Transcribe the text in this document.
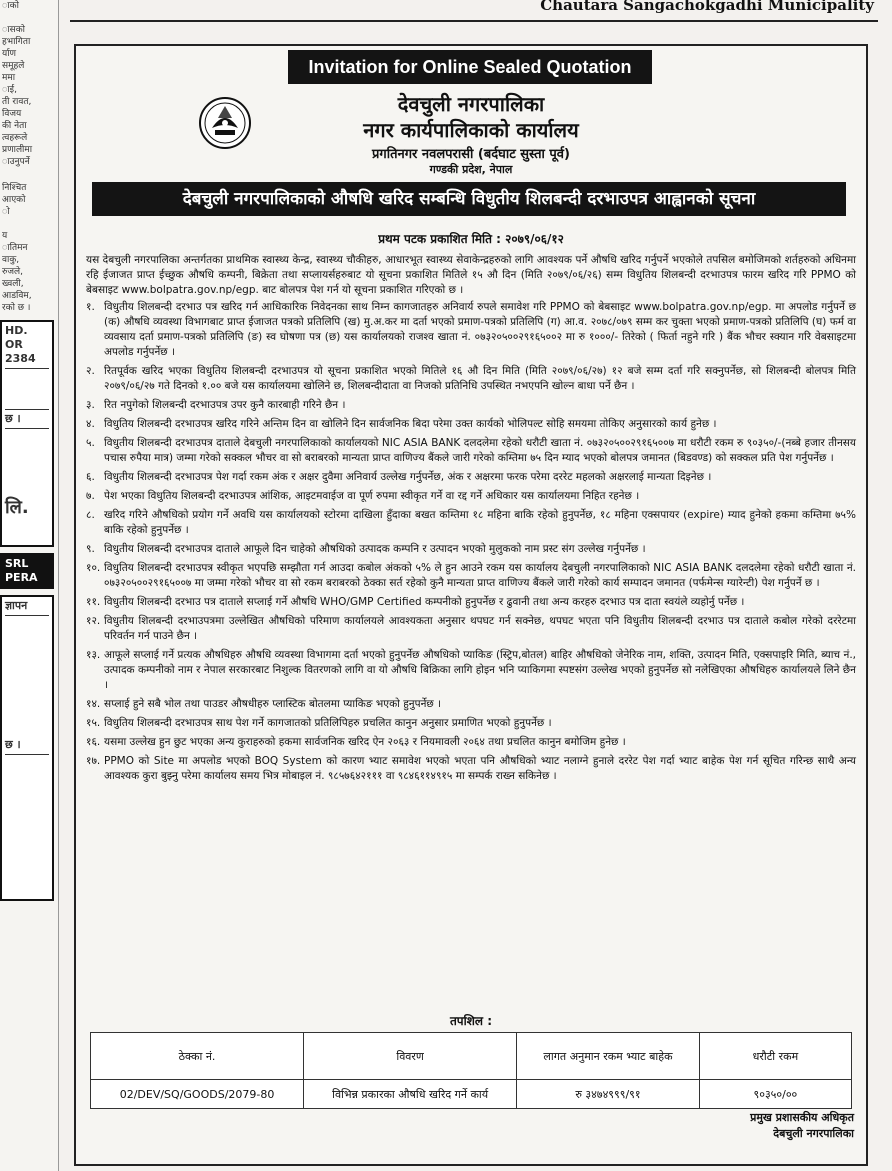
ाको
ासको
हभागिता
र्याण
समूहले
ममा
ाई,
ती रावत,
विजय
की नेता
त्वहरूले
प्रणालीमा
ाउनुपर्ने
निश्चित
आएको
ो
य
ातिमन
वाकु,
रुजले,
ख्वली,
आडविम,
रको छ ।
HD.
OR
2384
छ ।
लि.
SRL
PERA
ज्ञापन
छ ।
Chautara Sangachokgadhi Municipality
Invitation for Online Sealed Quotation
देवचुली नगरपालिका
नगर कार्यपालिकाको कार्यालय
प्रगतिनगर नवलपरासी (बर्दघाट सुस्ता पूर्व)
गण्डकी प्रदेश, नेपाल
देबचुली नगरपालिकाको औषधि खरिद सम्बन्धि विधुतीय शिलबन्दी दरभाउपत्र आह्वानको सूचना
प्रथम पटक प्रकाशित मिति : २०७९/०६/१२

यस देबचुली नगरपालिका अन्तर्गतका प्राथमिक स्वास्थ्य केन्द्र, स्वास्थ्य चौकीहरु, आधारभूत स्वास्थ्य सेवाकेन्द्रहरुको लागि आवश्यक पर्ने औषधि खरिद गर्नुपर्ने भएकोले तपसिल बमोजिमको शर्तहरुको अधिनमा रहि ईजाजत प्राप्त ईच्छुक औषधि कम्पनी, बिक्रेता तथा सप्लायर्सहरुबाट यो सूचना प्रकाशित मितिले १५ औ दिन (मिति २०७९/०६/२६) सम्म विधुतिय शिलबन्दी दरभाउपत्र फारम खरिद गरि PPMO को बेबसाइट www.bolpatra.gov.np/egp. बाट बोलपत्र पेश गर्न यो सूचना प्रकाशित गरिएको छ ।

१. विधुतीय शिलबन्दी दरभाउ पत्र खरिद गर्न आधिकारिक निवेदनका साथ निम्न कागजातहरु अनिवार्य रुपले समावेश गरि PPMO को बेबसाइट www.bolpatra.gov.np/egp. मा अपलोड गर्नुपर्ने छ (क) औषधि व्यवस्था विभागबाट प्राप्त ईजाजत पत्रको प्रतिलिपि (ख) मु.अ.कर मा दर्ता भएको प्रमाण-पत्रको प्रतिलिपि (ग) आ.व. २०७८/०७९ सम्म कर चुक्ता भएको प्रमाण-पत्रको प्रतिलिपि (घ) फर्म वा व्यवसाय दर्ता प्रमाण-पत्रको प्रतिलिपि (ङ) स्व घोषणा पत्र (छ) यस कार्यालयको राजश्व खाता नं. ०७३२०५००२९१६५००२ मा रु १०००/- तिरेको ( फिर्ता नहुने गरि ) बैंक भौचर स्क्यान गरि वेबसाइटमा अपलोड गर्नुपर्नेछ ।
२. रितपूर्वक खरिद भएका विधुतिय शिलबन्दी दरभाउपत्र यो सूचना प्रकाशित भएको मितिले १६ औ दिन मिति (मिति २०७९/०६/२७) १२ बजे सम्म दर्ता गरि सक्नुपर्नेछ, सो शिलबन्दी बोलपत्र मिति २०७९/०६/२७ गते दिनको १.०० बजे यस कार्यालयमा खोलिने छ, शिलबन्दीदाता वा निजको प्रतिनिधि उपस्थित नभएपनि खोल्न बाधा पर्ने छैन ।
३. रित नपुगेको शिलबन्दी दरभाउपत्र उपर कुनै कारबाही गरिने छैन ।
४. विधुतिय शिलबन्दी दरभाउपत्र खरिद गरिने अन्तिम दिन वा खोलिने दिन सार्वजनिक बिदा परेमा उक्त कार्यको भोलिपल्ट सोहि समयमा तोकिए अनुसारको कार्य हुनेछ ।
५. विधुतीय शिलबन्दी दरभाउपत्र दाताले देबचुली नगरपालिकाको कार्यालयको NIC ASIA BANK दलदलेमा रहेको धरौटी खाता नं. ०७३२०५००२९१६५००७ मा धरौटी रकम रु ९०३५०/-(नब्बे हजार तीनसय पचास रुपैया मात्र) जम्मा गरेको सक्कल भौचर वा सो बराबरको मान्यता प्राप्त वाणिज्य बैंकले जारी गरेको कम्तिमा ७५ दिन म्याद भएको बोलपत्र जमानत (बिडवण्ड) को सक्कल प्रति पेश गर्नुपर्नेछ ।
६. विधुतीय शिलबन्दी दरभाउपत्र पेश गर्दा रकम अंक र अक्षर दुवैमा अनिवार्य उल्लेख गर्नुपर्नेछ, अंक र अक्षरमा फरक परेमा दररेट महलको अक्षरलाई मान्यता दिइनेछ ।
७. पेश भएका विधुतिय शिलबन्दी दरभाउपत्र आंशिक, आइटमवाईज वा पूर्ण रुपमा स्वीकृत गर्ने वा रद्द गर्ने अधिकार यस कार्यालयमा निहित रहनेछ ।
८. खरिद गरिने औषधिको प्रयोग गर्ने अवधि यस कार्यालयको स्टोरमा दाखिला हुँदाका बखत कम्तिमा १८ महिना बाकि रहेको हुनुपर्नेछ, १८ महिना एक्सपायर (expire) म्याद हुनेको हकमा कम्तिमा ७५% बाकि रहेको हुनुपर्नेछ ।
९. विधुतीय शिलबन्दी दरभाउपत्र दाताले आफूले दिन चाहेको औषधिको उत्पादक कम्पनि र उत्पादन भएको मुलुकको नाम प्रस्ट संग उल्लेख गर्नुपर्नेछ ।
१०. विधुतिय शिलबन्दी दरभाउपत्र स्वीकृत भएपछि सम्झौता गर्न आउदा कबोल अंकको ५% ले हुन आउने रकम यस कार्यालय देबचुली नगरपालिकाको NIC ASIA BANK दलदलेमा रहेको धरौटी खाता नं. ०७३२०५००२९१६५००७ मा जम्मा गरेको भौचर वा सो रकम बराबरको ठेक्का सर्त रहेको कुनै मान्यता प्राप्त वाणिज्य बैंकले जारी गरेको कार्य सम्पादन जमानत (पर्फमेन्स ग्यारेन्टी) पेश गर्नुपर्ने छ ।
११. विधुतीय शिलबन्दी दरभाउ पत्र दाताले सप्लाई गर्ने औषधि WHO/GMP Certified कम्पनीको हुनुपर्नेछ र ढुवानी तथा अन्य करहरु दरभाउ पत्र दाता स्वयंले व्यहोर्नु पर्नेछ ।
१२. विधुतीय शिलबन्दी दरभाउपत्रमा उल्लेखित औषधिको परिमाण कार्यालयले आवश्यकता अनुसार थपघट गर्न सक्नेछ, थपघट भएता पनि विधुतीय शिलबन्दी दरभाउ पत्र दाताले कबोल गरेको दररेटमा परिवर्तन गर्न पाउने छैन ।
१३. आफूले सप्लाई गर्ने प्रत्यक औषधिहरु औषधि व्यवस्था विभागमा दर्ता भएको हुनुपर्नेछ औषधिको प्याकिङ (स्ट्रिप,बोतल) बाहिर औषधिको जेनेरिक नाम, शक्ति, उत्पादन मिति, एक्सपाइरि मिति, ब्याच नं., उत्पादक कम्पनीको नाम र नेपाल सरकारबाट निशुल्क वितरणको लागि वा यो औषधि बिक्रिका लागि होइन भनि प्याकिगमा स्पष्टसंग उल्लेख भएको हुनुपर्नेछ सो नलेखिएका औषधिहरु कार्यालयले लिने छैन ।
१४. सप्लाई हुने सबै भोल तथा पाउडर औषधीहरु प्लास्टिक बोतलमा प्याकिङ भएको हुनुपर्नेछ ।
१५. विधुतिय शिलबन्दी दरभाउपत्र साथ पेश गर्ने कागजातको प्रतिलिपिहरु प्रचलित कानुन अनुसार प्रमाणित भएको हुनुपर्नेछ ।
१६. यसमा उल्लेख हुन छुट भएका अन्य कुराहरुको हकमा सार्वजनिक खरिद ऐन २०६३ र नियमावली २०६४ तथा प्रचलित कानुन बमोजिम हुनेछ ।
१७. PPMO को Site मा अपलोड भएको BOQ System को कारण भ्याट समावेश भएको भएता पनि औषधिको भ्याट नलाग्ने हुनाले दररेट पेश गर्दा भ्याट बाहेक पेश गर्न सूचित गरिन्छ साथै अन्य आवश्यक कुरा बुझ्नु परेमा कार्यालय समय भित्र मोबाइल नं. ९८५७६४२१११ वा ९८४६११४९१५ मा सम्पर्क राख्न सकिनेछ ।
तपशिल :
ठेक्का नं.	विवरण	लागत अनुमान रकम भ्याट बाहेक	धरौटी रकम
02/DEV/SQ/GOODS/2079-80	विभिन्न प्रकारका औषधि खरिद गर्ने कार्य	रु ३४७४९९९/९१	९०३५०/००
प्रमुख प्रशासकीय अधिकृत
देबचुली नगरपालिका
